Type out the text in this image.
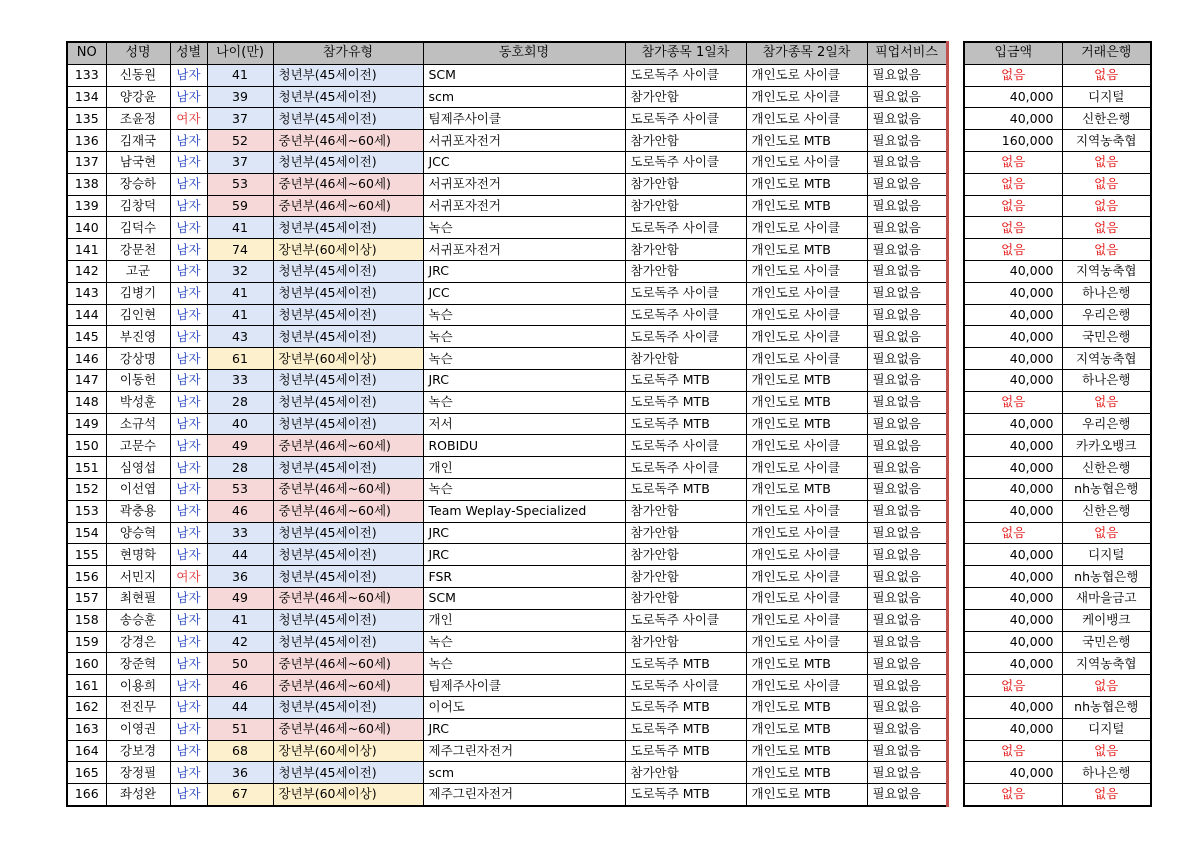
NO	성명	성별	나이(만)	참가유형	동호회명	참가종목 1일차	참가종목 2일차	픽업서비스
133	신동원	남자	41	청년부(45세이전)	SCM	도로독주 사이클	개인도로 사이클	필요없음
134	양강윤	남자	39	청년부(45세이전)	scm	참가안함	개인도로 사이클	필요없음
135	조윤정	여자	37	청년부(45세이전)	팀제주사이클	도로독주 사이클	개인도로 사이클	필요없음
136	김재국	남자	52	중년부(46세~60세)	서귀포자전거	참가안함	개인도로 MTB	필요없음
137	남국현	남자	37	청년부(45세이전)	JCC	도로독주 사이클	개인도로 사이클	필요없음
138	장승하	남자	53	중년부(46세~60세)	서귀포자전거	참가안함	개인도로 MTB	필요없음
139	김창덕	남자	59	중년부(46세~60세)	서귀포자전거	참가안함	개인도로 MTB	필요없음
140	김덕수	남자	41	청년부(45세이전)	녹슨	도로독주 사이클	개인도로 사이클	필요없음
141	강문천	남자	74	장년부(60세이상)	서귀포자전거	참가안함	개인도로 MTB	필요없음
142	고군	남자	32	청년부(45세이전)	JRC	참가안함	개인도로 사이클	필요없음
143	김병기	남자	41	청년부(45세이전)	JCC	도로독주 사이클	개인도로 사이클	필요없음
144	김인현	남자	41	청년부(45세이전)	녹슨	도로독주 사이클	개인도로 사이클	필요없음
145	부진영	남자	43	청년부(45세이전)	녹슨	도로독주 사이클	개인도로 사이클	필요없음
146	강상명	남자	61	장년부(60세이상)	녹슨	참가안함	개인도로 사이클	필요없음
147	이동헌	남자	33	청년부(45세이전)	JRC	도로독주 MTB	개인도로 MTB	필요없음
148	박성훈	남자	28	청년부(45세이전)	녹슨	도로독주 MTB	개인도로 MTB	필요없음
149	소규석	남자	40	청년부(45세이전)	저서	도로독주 MTB	개인도로 MTB	필요없음
150	고문수	남자	49	중년부(46세~60세)	ROBIDU	도로독주 사이클	개인도로 사이클	필요없음
151	심영섭	남자	28	청년부(45세이전)	개인	도로독주 사이클	개인도로 사이클	필요없음
152	이선엽	남자	53	중년부(46세~60세)	녹슨	도로독주 MTB	개인도로 MTB	필요없음
153	곽충용	남자	46	중년부(46세~60세)	Team Weplay-Specialized	참가안함	개인도로 사이클	필요없음
154	양승혁	남자	33	청년부(45세이전)	JRC	참가안함	개인도로 사이클	필요없음
155	현명학	남자	44	청년부(45세이전)	JRC	참가안함	개인도로 사이클	필요없음
156	서민지	여자	36	청년부(45세이전)	FSR	참가안함	개인도로 사이클	필요없음
157	최현필	남자	49	중년부(46세~60세)	SCM	참가안함	개인도로 사이클	필요없음
158	송승훈	남자	41	청년부(45세이전)	개인	도로독주 사이클	개인도로 사이클	필요없음
159	강경은	남자	42	청년부(45세이전)	녹슨	참가안함	개인도로 사이클	필요없음
160	장준혁	남자	50	중년부(46세~60세)	녹슨	도로독주 MTB	개인도로 MTB	필요없음
161	이용희	남자	46	중년부(46세~60세)	팀제주사이클	도로독주 사이클	개인도로 사이클	필요없음
162	전진무	남자	44	청년부(45세이전)	이어도	도로독주 MTB	개인도로 MTB	필요없음
163	이영권	남자	51	중년부(46세~60세)	JRC	도로독주 MTB	개인도로 MTB	필요없음
164	강보경	남자	68	장년부(60세이상)	제주그린자전거	도로독주 MTB	개인도로 MTB	필요없음
165	장정필	남자	36	청년부(45세이전)	scm	참가안함	개인도로 MTB	필요없음
166	좌성완	남자	67	장년부(60세이상)	제주그린자전거	도로독주 MTB	개인도로 MTB	필요없음
입금액	거래은행
없음	없음
40,000	디지털
40,000	신한은행
160,000	지역농축협
없음	없음
없음	없음
없음	없음
없음	없음
없음	없음
40,000	지역농축협
40,000	하나은행
40,000	우리은행
40,000	국민은행
40,000	지역농축협
40,000	하나은행
없음	없음
40,000	우리은행
40,000	카카오뱅크
40,000	신한은행
40,000	nh농협은행
40,000	신한은행
없음	없음
40,000	디지털
40,000	nh농협은행
40,000	새마을금고
40,000	케이뱅크
40,000	국민은행
40,000	지역농축협
없음	없음
40,000	nh농협은행
40,000	디지털
없음	없음
40,000	하나은행
없음	없음
